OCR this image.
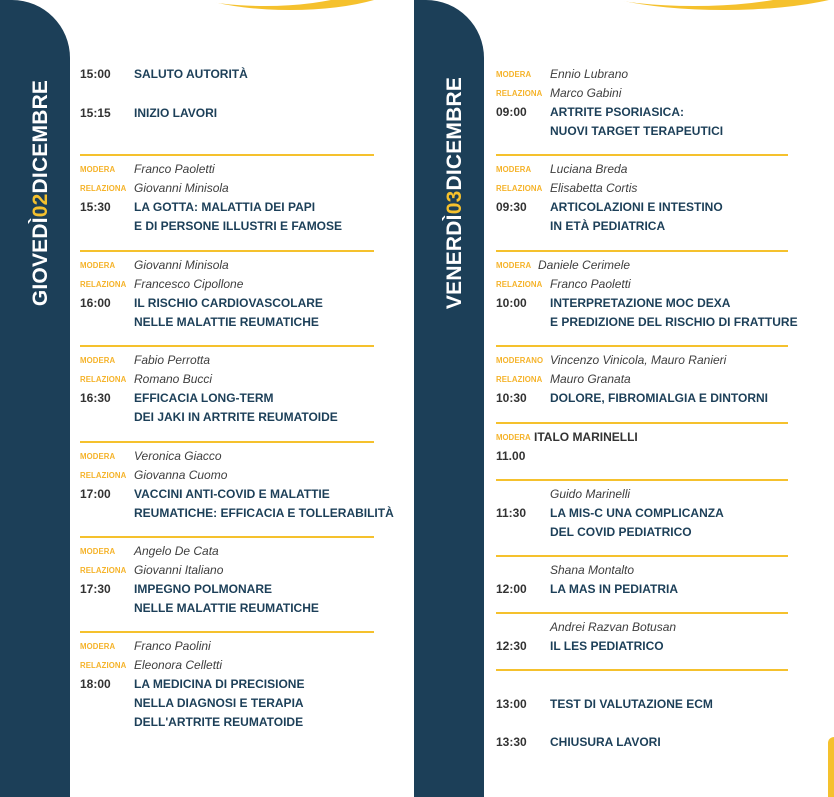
GIOVEDÌ02DICEMBRE
15:00 SALUTO AUTORITÀ
15:15 INIZIO LAVORI
MODERA Franco Paoletti
RELAZIONA Giovanni Minisola
15:30 LA GOTTA: MALATTIA DEI PAPI
E DI PERSONE ILLUSTRI E FAMOSE
MODERA Giovanni Minisola
RELAZIONA Francesco Cipollone
16:00 IL RISCHIO CARDIOVASCOLARE
NELLE MALATTIE REUMATICHE
MODERA Fabio Perrotta
RELAZIONA Romano Bucci
16:30 EFFICACIA LONG-TERM
DEI JAKI IN ARTRITE REUMATOIDE
MODERA Veronica Giacco
RELAZIONA Giovanna Cuomo
17:00 VACCINI ANTI-COVID E MALATTIE
REUMATICHE: EFFICACIA E TOLLERABILITÀ
MODERA Angelo De Cata
RELAZIONA Giovanni Italiano
17:30 IMPEGNO POLMONARE
NELLE MALATTIE REUMATICHE
MODERA Franco Paolini
RELAZIONA Eleonora Celletti
18:00 LA MEDICINA DI PRECISIONE
NELLA DIAGNOSI E TERAPIA
DELL'ARTRITE REUMATOIDE
VENERDÌ03DICEMBRE
MODERA Ennio Lubrano
RELAZIONA Marco Gabini
09:00 ARTRITE PSORIASICA:
NUOVI TARGET TERAPEUTICI
MODERA Luciana Breda
RELAZIONA Elisabetta Cortis
09:30 ARTICOLAZIONI E INTESTINO
IN ETÀ PEDIATRICA
MODERA Daniele Cerimele
RELAZIONA Franco Paoletti
10:00 INTERPRETAZIONE MOC DEXA
E PREDIZIONE DEL RISCHIO DI FRATTURE
MODERANO Vincenzo Vinicola, Mauro Ranieri
RELAZIONA Mauro Granata
10:30 DOLORE, FIBROMIALGIA E DINTORNI
MODERA ITALO MARINELLI
11.00
Guido Marinelli
11:30 LA MIS-C UNA COMPLICANZA
DEL COVID PEDIATRICO
Shana Montalto
12:00 LA MAS IN PEDIATRIA
Andrei Razvan Botusan
12:30 IL LES PEDIATRICO
13:00 TEST DI VALUTAZIONE ECM
13:30 CHIUSURA LAVORI
